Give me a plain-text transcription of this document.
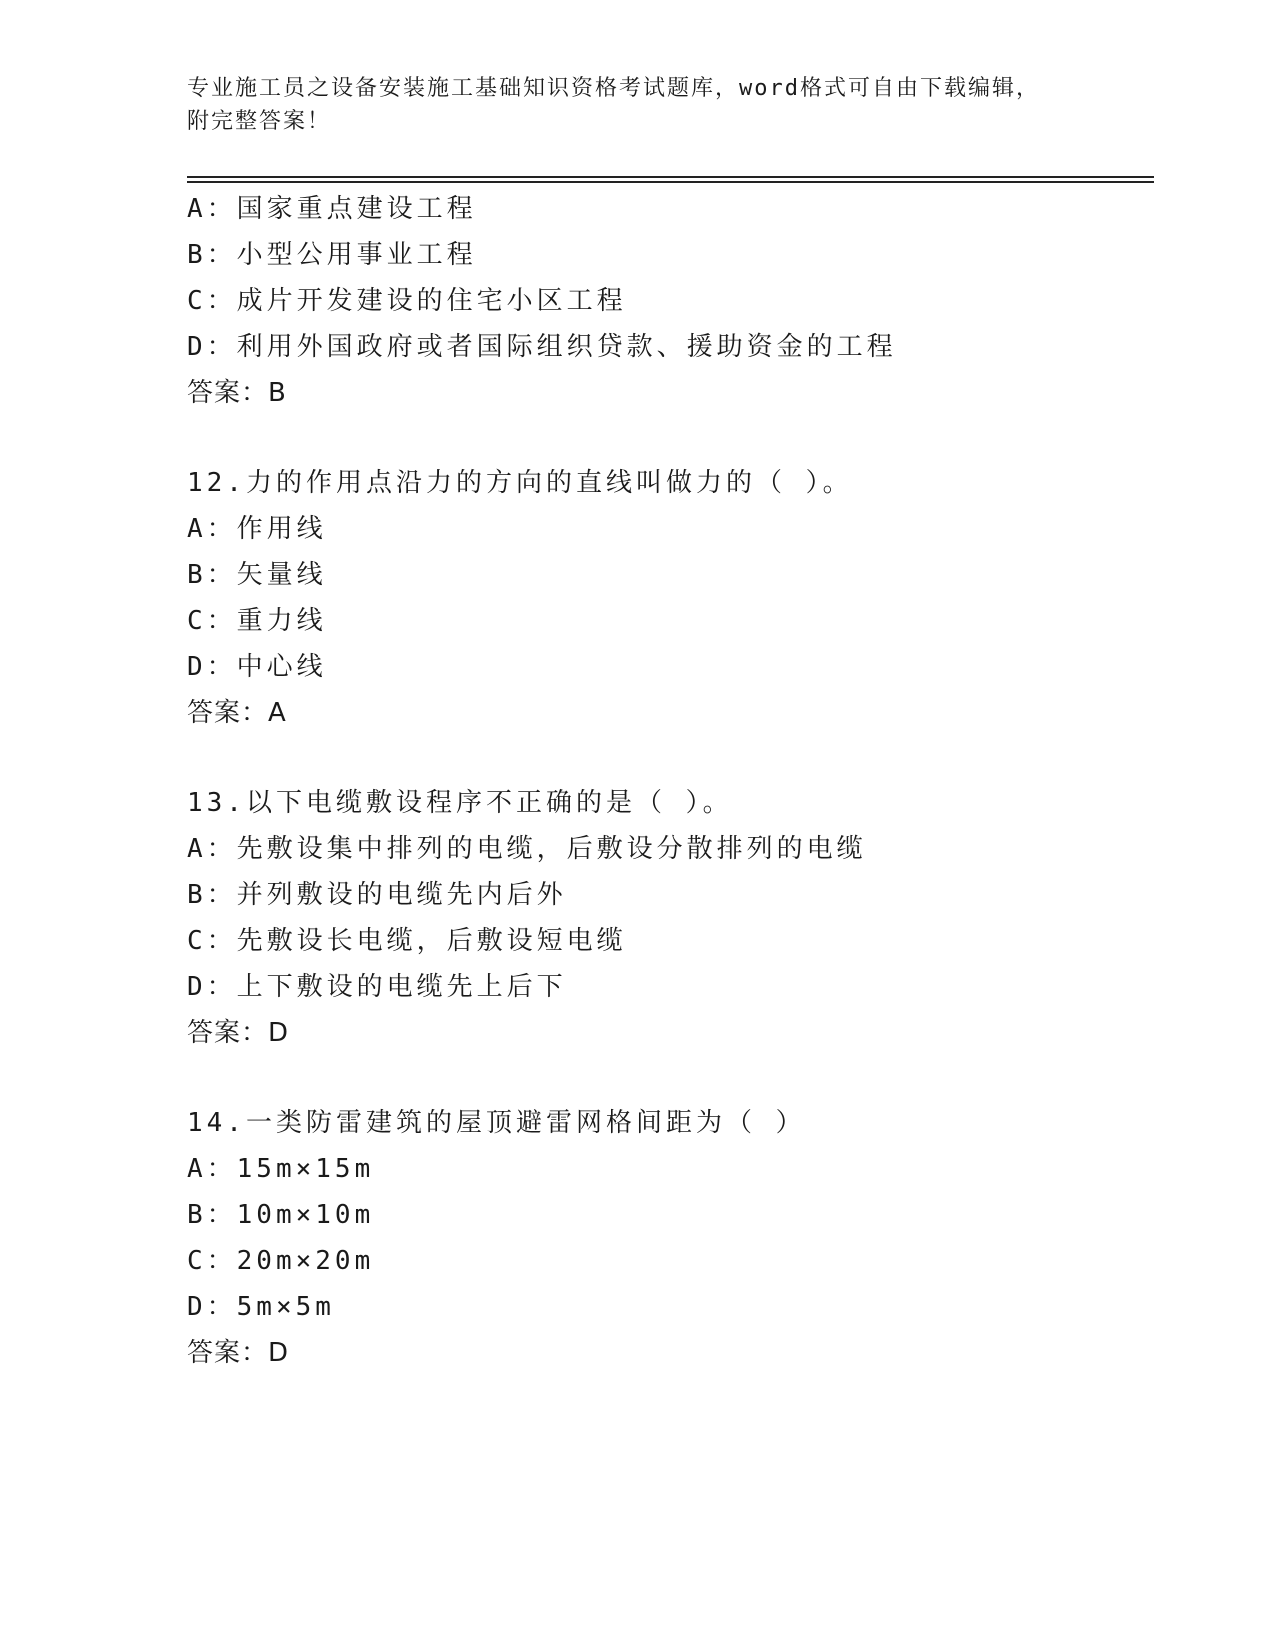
专业施工员之设备安装施工基础知识资格考试题库，word格式可自由下载编辑，
附完整答案！
A：国家重点建设工程
B：小型公用事业工程
C：成片开发建设的住宅小区工程
D：利用外国政府或者国际组织贷款、援助资金的工程
答案：B
12.力的作用点沿力的方向的直线叫做力的（ ）。
A：作用线
B：矢量线
C：重力线
D：中心线
答案：A
13.以下电缆敷设程序不正确的是（ ）。
A：先敷设集中排列的电缆，后敷设分散排列的电缆
B：并列敷设的电缆先内后外
C：先敷设长电缆，后敷设短电缆
D：上下敷设的电缆先上后下
答案：D
14.一类防雷建筑的屋顶避雷网格间距为（ ）
A：15m×15m
B：10m×10m
C：20m×20m
D：5m×5m
答案：D
